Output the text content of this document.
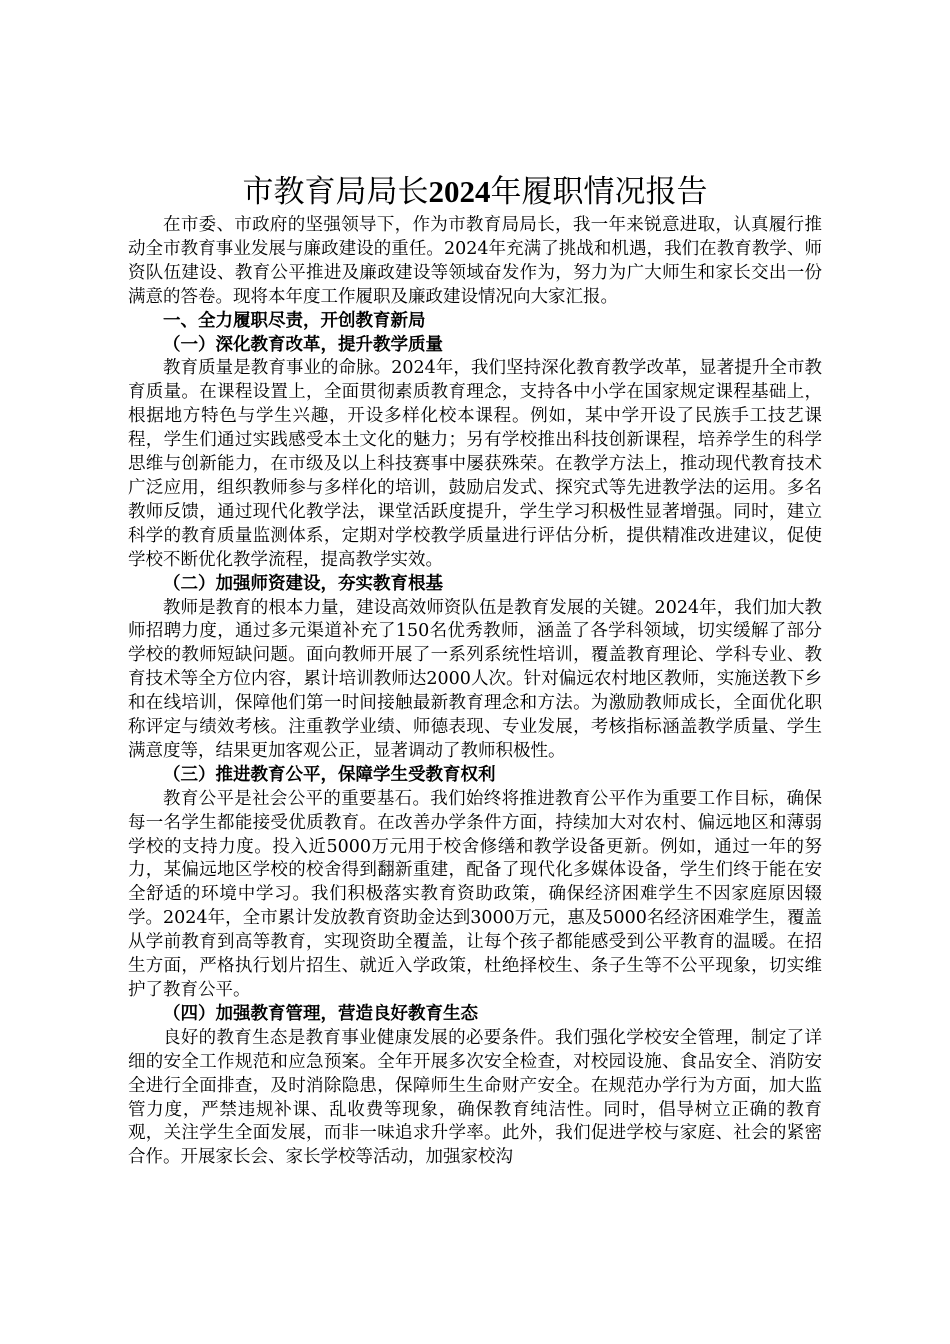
市教育局局长2024年履职情况报告

在市委、市政府的坚强领导下，作为市教育局局长，我一年来锐意进取，认真履行推动全市教育事业发展与廉政建设的重任。2024年充满了挑战和机遇，我们在教育教学、师资队伍建设、教育公平推进及廉政建设等领域奋发作为，努力为广大师生和家长交出一份满意的答卷。现将本年度工作履职及廉政建设情况向大家汇报。

一、全力履职尽责，开创教育新局
（一）深化教育改革，提升教学质量

教育质量是教育事业的命脉。2024年，我们坚持深化教育教学改革，显著提升全市教育质量。在课程设置上，全面贯彻素质教育理念，支持各中小学在国家规定课程基础上，根据地方特色与学生兴趣，开设多样化校本课程。例如，某中学开设了民族手工技艺课程，学生们通过实践感受本土文化的魅力；另有学校推出科技创新课程，培养学生的科学思维与创新能力，在市级及以上科技赛事中屡获殊荣。在教学方法上，推动现代教育技术广泛应用，组织教师参与多样化的培训，鼓励启发式、探究式等先进教学法的运用。多名教师反馈，通过现代化教学法，课堂活跃度提升，学生学习积极性显著增强。同时，建立科学的教育质量监测体系，定期对学校教学质量进行评估分析，提供精准改进建议，促使学校不断优化教学流程，提高教学实效。

（二）加强师资建设，夯实教育根基

教师是教育的根本力量，建设高效师资队伍是教育发展的关键。2024年，我们加大教师招聘力度，通过多元渠道补充了150名优秀教师，涵盖了各学科领域，切实缓解了部分学校的教师短缺问题。面向教师开展了一系列系统性培训，覆盖教育理论、学科专业、教育技术等全方位内容，累计培训教师达2000人次。针对偏远农村地区教师，实施送教下乡和在线培训，保障他们第一时间接触最新教育理念和方法。为激励教师成长，全面优化职称评定与绩效考核。注重教学业绩、师德表现、专业发展，考核指标涵盖教学质量、学生满意度等，结果更加客观公正，显著调动了教师积极性。

（三）推进教育公平，保障学生受教育权利

教育公平是社会公平的重要基石。我们始终将推进教育公平作为重要工作目标，确保每一名学生都能接受优质教育。在改善办学条件方面，持续加大对农村、偏远地区和薄弱学校的支持力度。投入近5000万元用于校舍修缮和教学设备更新。例如，通过一年的努力，某偏远地区学校的校舍得到翻新重建，配备了现代化多媒体设备，学生们终于能在安全舒适的环境中学习。我们积极落实教育资助政策，确保经济困难学生不因家庭原因辍学。2024年，全市累计发放教育资助金达到3000万元，惠及5000名经济困难学生，覆盖从学前教育到高等教育，实现资助全覆盖，让每个孩子都能感受到公平教育的温暖。在招生方面，严格执行划片招生、就近入学政策，杜绝择校生、条子生等不公平现象，切实维护了教育公平。

（四）加强教育管理，营造良好教育生态

良好的教育生态是教育事业健康发展的必要条件。我们强化学校安全管理，制定了详细的安全工作规范和应急预案。全年开展多次安全检查，对校园设施、食品安全、消防安全进行全面排查，及时消除隐患，保障师生生命财产安全。在规范办学行为方面，加大监管力度，严禁违规补课、乱收费等现象，确保教育纯洁性。同时，倡导树立正确的教育观，关注学生全面发展，而非一味追求升学率。此外，我们促进学校与家庭、社会的紧密合作。开展家长会、家长学校等活动，加强家校沟
